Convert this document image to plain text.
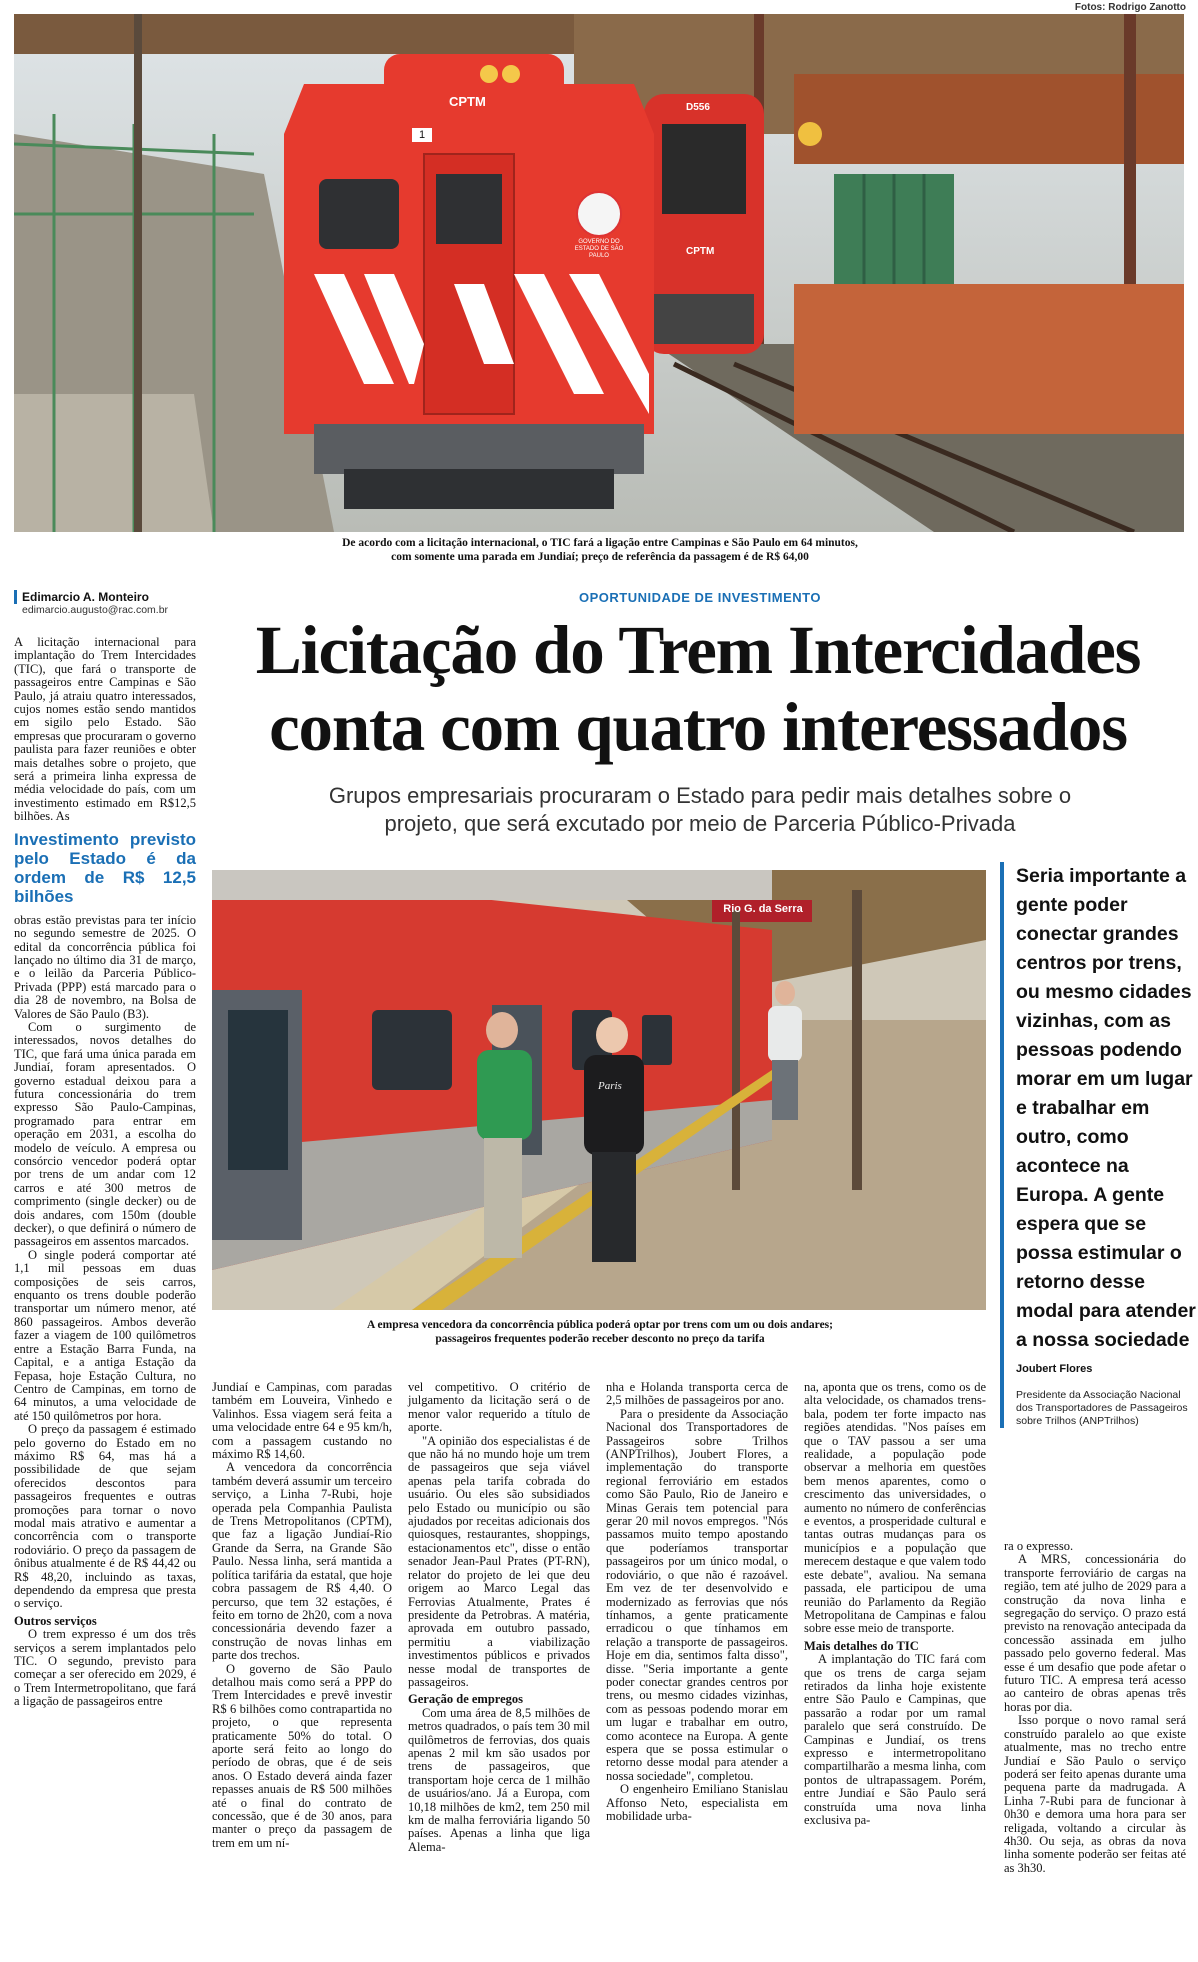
Fotos: Rodrigo Zanotto
CPTM
1
GOVERNO DO ESTADO DE SÃO PAULO
D556
CPTM
De acordo com a licitação internacional, o TIC fará a ligação entre Campinas e São Paulo em 64 minutos,
com somente uma parada em Jundiaí; preço de referência da passagem é de R$ 64,00
Edimarcio A. Monteiro
edimarcio.augusto@rac.com.br
OPORTUNIDADE DE INVESTIMENTO
Licitação do Trem Intercidades
conta com quatro interessados
Grupos empresariais procuraram o Estado para pedir mais detalhes sobre o
projeto, que será excutado por meio de Parceria Público-Privada
Rio G. da Serra
Paris
A empresa vencedora da concorrência pública poderá optar por trens com um ou dois andares;
passageiros frequentes poderão receber desconto no preço da tarifa
Seria importante a gente poder conectar grandes centros por trens, ou mesmo cidades vizinhas, com as pessoas podendo morar em um lugar e trabalhar em outro, como acontece na Europa. A gente espera que se possa estimular o retorno desse modal para atender a nossa sociedade
Joubert Flores
Presidente da Associação Nacional dos Transportadores de Passageiros sobre Trilhos (ANPTrilhos)

A licitação internacional para implantação do Trem Intercidades (TIC), que fará o transporte de passageiros entre Campinas e São Paulo, já atraiu quatro interessados, cujos nomes estão sendo mantidos em sigilo pelo Estado. São empresas que procuraram o governo paulista para fazer reuniões e obter mais detalhes sobre o projeto, que será a primeira linha expressa de média velocidade do país, com um investimento estimado em R$12,5 bilhões. As

Investimento previsto pelo Estado é da ordem de R$ 12,5 bilhões

obras estão previstas para ter início no segundo semestre de 2025. O edital da concorrência pública foi lançado no último dia 31 de março, e o leilão da Parceria Público-Privada (PPP) está marcado para o dia 28 de novembro, na Bolsa de Valores de São Paulo (B3).

Com o surgimento de interessados, novos detalhes do TIC, que fará uma única parada em Jundiaí, foram apresentados. O governo estadual deixou para a futura concessionária do trem expresso São Paulo-Campinas, programado para entrar em operação em 2031, a escolha do modelo de veículo. A empresa ou consórcio vencedor poderá optar por trens de um andar com 12 carros e até 300 metros de comprimento (single decker) ou de dois andares, com 150m (double decker), o que definirá o número de passageiros em assentos marcados.

O single poderá comportar até 1,1 mil pessoas em duas composições de seis carros, enquanto os trens double poderão transportar um número menor, até 860 passageiros. Ambos deverão fazer a viagem de 100 quilômetros entre a Estação Barra Funda, na Capital, e a antiga Estação da Fepasa, hoje Estação Cultura, no Centro de Campinas, em torno de 64 minutos, a uma velocidade de até 150 quilômetros por hora.

O preço da passagem é estimado pelo governo do Estado em no máximo R$ 64, mas há a possibilidade de que sejam oferecidos descontos para passageiros frequentes e outras promoções para tornar o novo modal mais atrativo e aumentar a concorrência com o transporte rodoviário. O preço da passagem de ônibus atualmente é de R$ 44,42 ou R$ 48,20, incluindo as taxas, dependendo da empresa que presta o serviço.

Outros serviços

O trem expresso é um dos três serviços a serem implantados pelo TIC. O segundo, previsto para começar a ser oferecido em 2029, é o Trem Intermetropolitano, que fará a ligação de passageiros entre

Jundiaí e Campinas, com paradas também em Louveira, Vinhedo e Valinhos. Essa viagem será feita a uma velocidade entre 64 e 95 km/h, com a passagem custando no máximo R$ 14,60.

A vencedora da concorrência também deverá assumir um terceiro serviço, a Linha 7-Rubi, hoje operada pela Companhia Paulista de Trens Metropolitanos (CPTM), que faz a ligação Jundiaí-Rio Grande da Serra, na Grande São Paulo. Nessa linha, será mantida a política tarifária da estatal, que hoje cobra passagem de R$ 4,40. O percurso, que tem 32 estações, é feito em torno de 2h20, com a nova concessionária devendo fazer a construção de novas linhas em parte dos trechos.

O governo de São Paulo detalhou mais como será a PPP do Trem Intercidades e prevê investir R$ 6 bilhões como contrapartida no projeto, o que representa praticamente 50% do total. O aporte será feito ao longo do período de obras, que é de seis anos. O Estado deverá ainda fazer repasses anuais de R$ 500 milhões até o final do contrato de concessão, que é de 30 anos, para manter o preço da passagem de trem em um ní-

vel competitivo. O critério de julgamento da licitação será o de menor valor requerido a título de aporte.

"A opinião dos especialistas é de que não há no mundo hoje um trem de passageiros que seja viável apenas pela tarifa cobrada do usuário. Ou eles são subsidiados pelo Estado ou município ou são ajudados por receitas adicionais dos quiosques, restaurantes, shoppings, estacionamentos etc", disse o então senador Jean-Paul Prates (PT-RN), relator do projeto de lei que deu origem ao Marco Legal das Ferrovias Atualmente, Prates é presidente da Petrobras. A matéria, aprovada em outubro passado, permitiu a viabilização investimentos públicos e privados nesse modal de transportes de passageiros.

Geração de empregos

Com uma área de 8,5 milhões de metros quadrados, o país tem 30 mil quilômetros de ferrovias, dos quais apenas 2 mil km são usados por trens de passageiros, que transportam hoje cerca de 1 milhão de usuários/ano. Já a Europa, com 10,18 milhões de km2, tem 250 mil km de malha ferroviária ligando 50 países. Apenas a linha que liga Alema-

nha e Holanda transporta cerca de 2,5 milhões de passageiros por ano.

Para o presidente da Associação Nacional dos Transportadores de Passageiros sobre Trilhos (ANPTrilhos), Joubert Flores, a implementação do transporte regional ferroviário em estados como São Paulo, Rio de Janeiro e Minas Gerais tem potencial para gerar 20 mil novos empregos. "Nós passamos muito tempo apostando que poderíamos transportar passageiros por um único modal, o rodoviário, o que não é razoável. Em vez de ter desenvolvido e modernizado as ferrovias que nós tínhamos, a gente praticamente erradicou o que tínhamos em relação a transporte de passageiros. Hoje em dia, sentimos falta disso", disse. "Seria importante a gente poder conectar grandes centros por trens, ou mesmo cidades vizinhas, com as pessoas podendo morar em um lugar e trabalhar em outro, como acontece na Europa. A gente espera que se possa estimular o retorno desse modal para atender a nossa sociedade", completou.

O engenheiro Emiliano Stanislau Affonso Neto, especialista em mobilidade urba-

na, aponta que os trens, como os de alta velocidade, os chamados trens-bala, podem ter forte impacto nas regiões atendidas. "Nos países em que o TAV passou a ser uma realidade, a população pode observar a melhoria em questões bem menos aparentes, como o crescimento das universidades, o aumento no número de conferências e eventos, a prosperidade cultural e tantas outras mudanças para os municípios e a população que merecem destaque e que valem todo este debate", avaliou. Na semana passada, ele participou de uma reunião do Parlamento da Região Metropolitana de Campinas e falou sobre esse meio de transporte.

Mais detalhes do TIC

A implantação do TIC fará com que os trens de carga sejam retirados da linha hoje existente entre São Paulo e Campinas, que passarão a rodar por um ramal paralelo que será construído. De Campinas e Jundiaí, os trens expresso e intermetropolitano compartilharão a mesma linha, com pontos de ultrapassagem. Porém, entre Jundiaí e São Paulo será construída uma nova linha exclusiva pa-

ra o expresso.

A MRS, concessionária do transporte ferroviário de cargas na região, tem até julho de 2029 para a construção da nova linha e segregação do serviço. O prazo está previsto na renovação antecipada da concessão assinada em julho passado pelo governo federal. Mas esse é um desafio que pode afetar o futuro TIC. A empresa terá acesso ao canteiro de obras apenas três horas por dia.

Isso porque o novo ramal será construído paralelo ao que existe atualmente, mas no trecho entre Jundiaí e São Paulo o serviço poderá ser feito apenas durante uma pequena parte da madrugada. A Linha 7-Rubi para de funcionar à 0h30 e demora uma hora para ser religada, voltando a circular às 4h30. Ou seja, as obras da nova linha somente poderão ser feitas até as 3h30.
